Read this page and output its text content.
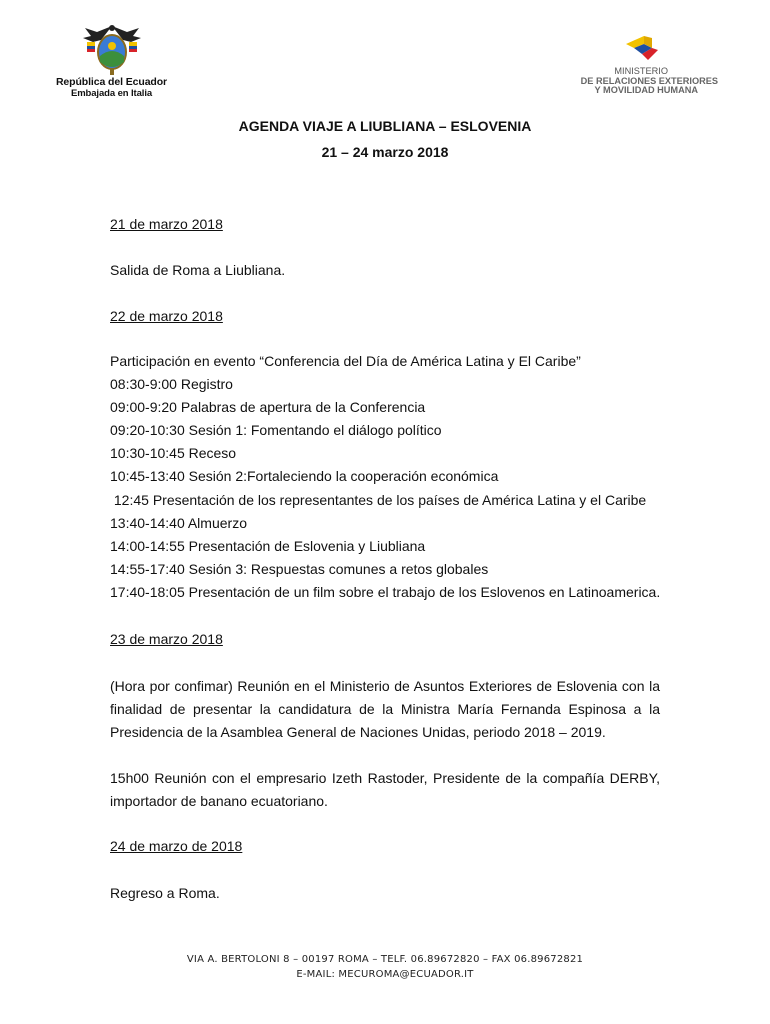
República del Ecuador
Embajada en Italia
MINISTERIO
DE RELACIONES EXTERIORES
Y MOVILIDAD HUMANA
AGENDA VIAJE A LIUBLIANA – ESLOVENIA
21 – 24 marzo 2018
21 de marzo 2018
Salida de Roma a Liubliana.
22 de marzo 2018
Participación en evento “Conferencia del Día de América Latina y El Caribe”
08:30-9:00 Registro
09:00-9:20 Palabras de apertura de la Conferencia
09:20-10:30 Sesión 1: Fomentando el diálogo político
10:30-10:45 Receso
10:45-13:40 Sesión 2:Fortaleciendo la cooperación económica
12:45 Presentación de los representantes de los países de América Latina y el Caribe
13:40-14:40 Almuerzo
14:00-14:55 Presentación de Eslovenia y Liubliana
14:55-17:40 Sesión 3: Respuestas comunes a retos globales
17:40-18:05 Presentación de un film sobre el trabajo de los Eslovenos en Latinoamerica.
23 de marzo 2018
(Hora por confimar) Reunión en el Ministerio de Asuntos Exteriores de Eslovenia con la
finalidad de presentar la candidatura de la Ministra María Fernanda Espinosa a la
Presidencia de la Asamblea General de Naciones Unidas, periodo 2018 – 2019.
15h00 Reunión con el empresario Izeth Rastoder, Presidente de la compañía DERBY,
importador de banano ecuatoriano.
24 de marzo de 2018
Regreso a Roma.
VIA A. BERTOLONI 8 – 00197 ROMA – TELF. 06.89672820 – FAX 06.89672821
E-MAIL: MECUROMA@ECUADOR.IT
